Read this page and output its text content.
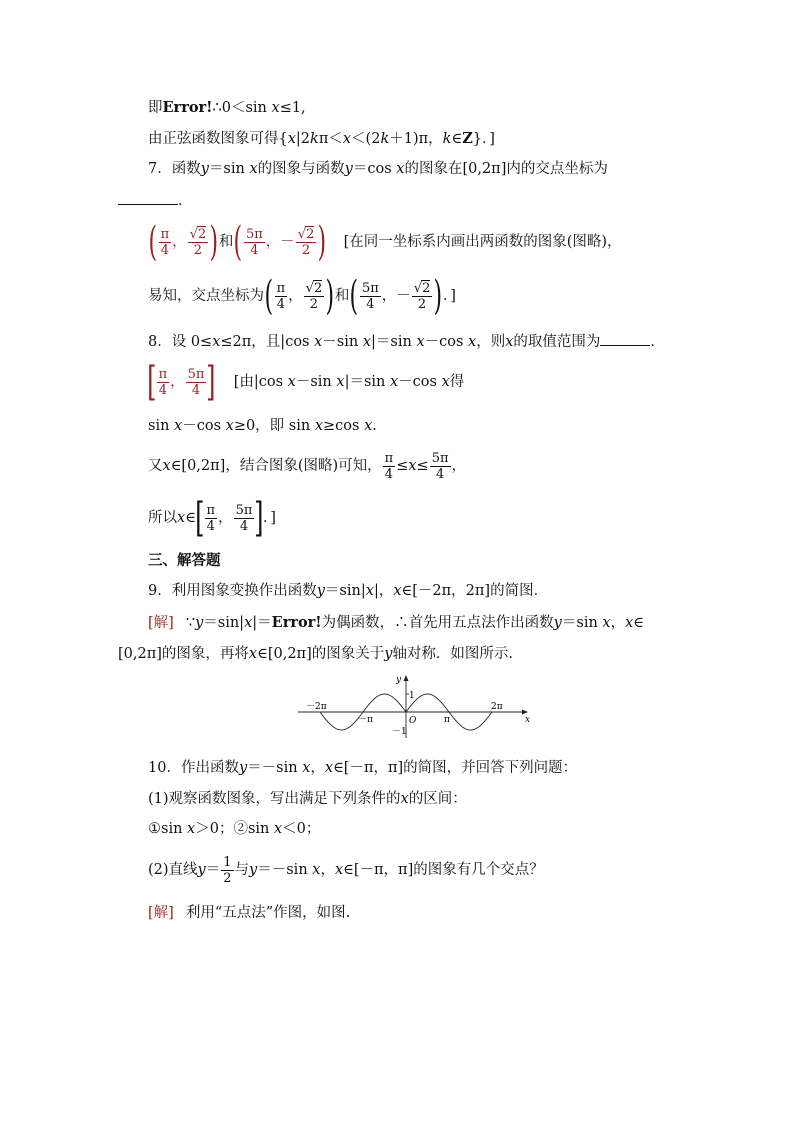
即Error!∴0＜sin x≤1,
由正弦函数图象可得{x|2kπ＜x＜(2k＋1)π，k∈Z}．]
7．函数y＝sin x的图象与函数y＝cos x的图象在[0,2π]内的交点坐标为
．
( $\frac{\pi}{4}$ ， $\frac{√2}{2}$ )和( $\frac{5\pi}{4}$ ，－ $\frac{√2}{2}$ ) [在同一坐标系内画出两函数的图象(图略)，
易知，交点坐标为( $\frac{\pi}{4}$ ， $\frac{√2}{2}$ )和( $\frac{5\pi}{4}$ ，－ $\frac{√2}{2}$ )．]
8．设 0≤x≤2π，且|cos x－sin x|＝sin x－cos x，则x的取值范围为	．
[ $\frac{\pi}{4}$ ， $\frac{5\pi}{4}$ ] [由|cos x－sin x|＝sin x－cos x得
sin x－cos x≥0，即 sin x≥cos x.
又x∈[0,2π]，结合图象(图略)可知， $\frac{\pi}{4} \le x\le \frac{5\pi}{4}$ ，
所以x∈[ $\frac{\pi}{4}$ ， $\frac{5\pi}{4}$ ]．]
三、解答题
9．利用图象变换作出函数y＝sin|x|，x∈[－2π，2π]的简图．
[解] ∵y＝sin|x|＝Error!为偶函数，∴首先用五点法作出函数y＝sin x，x∈
[0,2π]的图象，再将x∈[0,2π]的图象关于y轴对称．如图所示.
y
x
1
－1
O
－2π
－π	π
2π
10．作出函数y＝－sin x，x∈[－π，π]的简图，并回答下列问题：
(1)观察函数图象，写出满足下列条件的x的区间：
①sin x＞0；②sin x＜0；
(2)直线$y= \frac{1}{2}$ 与y＝－sin x，x∈[－π，π]的图象有几个交点？
[解] 利用“五点法”作图，如图.
